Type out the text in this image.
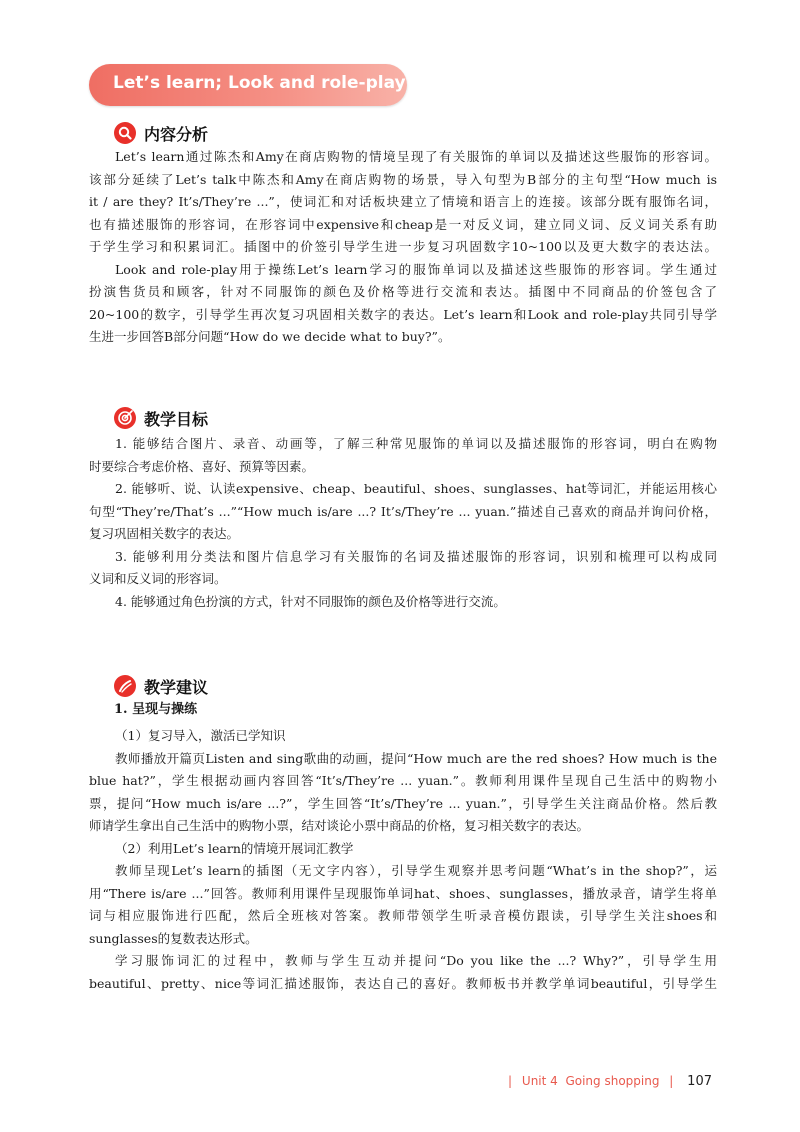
Let’s learn; Look and role-play
内容分析
Let’s learn通过陈杰和Amy在商店购物的情境呈现了有关服饰的单词以及描述这些服饰的形容词。
该部分延续了Let’s talk中陈杰和Amy在商店购物的场景，导入句型为B部分的主句型“How much is
it / are they? It’s/They’re ...”，使词汇和对话板块建立了情境和语言上的连接。该部分既有服饰名词，
也有描述服饰的形容词，在形容词中expensive和cheap是一对反义词，建立同义词、反义词关系有助
于学生学习和积累词汇。插图中的价签引导学生进一步复习巩固数字10~100以及更大数字的表达法。
Look and role-play用于操练Let’s learn学习的服饰单词以及描述这些服饰的形容词。学生通过
扮演售货员和顾客，针对不同服饰的颜色及价格等进行交流和表达。插图中不同商品的价签包含了
20~100的数字，引导学生再次复习巩固相关数字的表达。Let’s learn和Look and role-play共同引导学
生进一步回答B部分问题“How do we decide what to buy?”。
教学目标
1. 能够结合图片、录音、动画等，了解三种常见服饰的单词以及描述服饰的形容词，明白在购物
时要综合考虑价格、喜好、预算等因素。
2. 能够听、说、认读expensive、cheap、beautiful、shoes、sunglasses、hat等词汇，并能运用核心
句型“They’re/That’s ...”“How much is/are ...? It’s/They’re ... yuan.”描述自己喜欢的商品并询问价格，
复习巩固相关数字的表达。
3. 能够利用分类法和图片信息学习有关服饰的名词及描述服饰的形容词，识别和梳理可以构成同
义词和反义词的形容词。
4. 能够通过角色扮演的方式，针对不同服饰的颜色及价格等进行交流。
教学建议
1. 呈现与操练
（1）复习导入，激活已学知识
教师播放开篇页Listen and sing歌曲的动画，提问“How much are the red shoes? How much is the
blue hat?”，学生根据动画内容回答“It’s/They’re ... yuan.”。教师利用课件呈现自己生活中的购物小
票，提问“How much is/are ...?”，学生回答“It’s/They’re ... yuan.”，引导学生关注商品价格。然后教
师请学生拿出自己生活中的购物小票，结对谈论小票中商品的价格，复习相关数字的表达。
（2）利用Let’s learn的情境开展词汇教学
教师呈现Let’s learn的插图（无文字内容），引导学生观察并思考问题“What’s in the shop?”，运
用“There is/are ...”回答。教师利用课件呈现服饰单词hat、shoes、sunglasses，播放录音，请学生将单
词与相应服饰进行匹配，然后全班核对答案。教师带领学生听录音模仿跟读，引导学生关注shoes和
sunglasses的复数表达形式。
学习服饰词汇的过程中，教师与学生互动并提问“Do you like the ...? Why?”，引导学生用
beautiful、pretty、nice等词汇描述服饰，表达自己的喜好。教师板书并教学单词beautiful，引导学生
| Unit 4 Going shopping | 107
